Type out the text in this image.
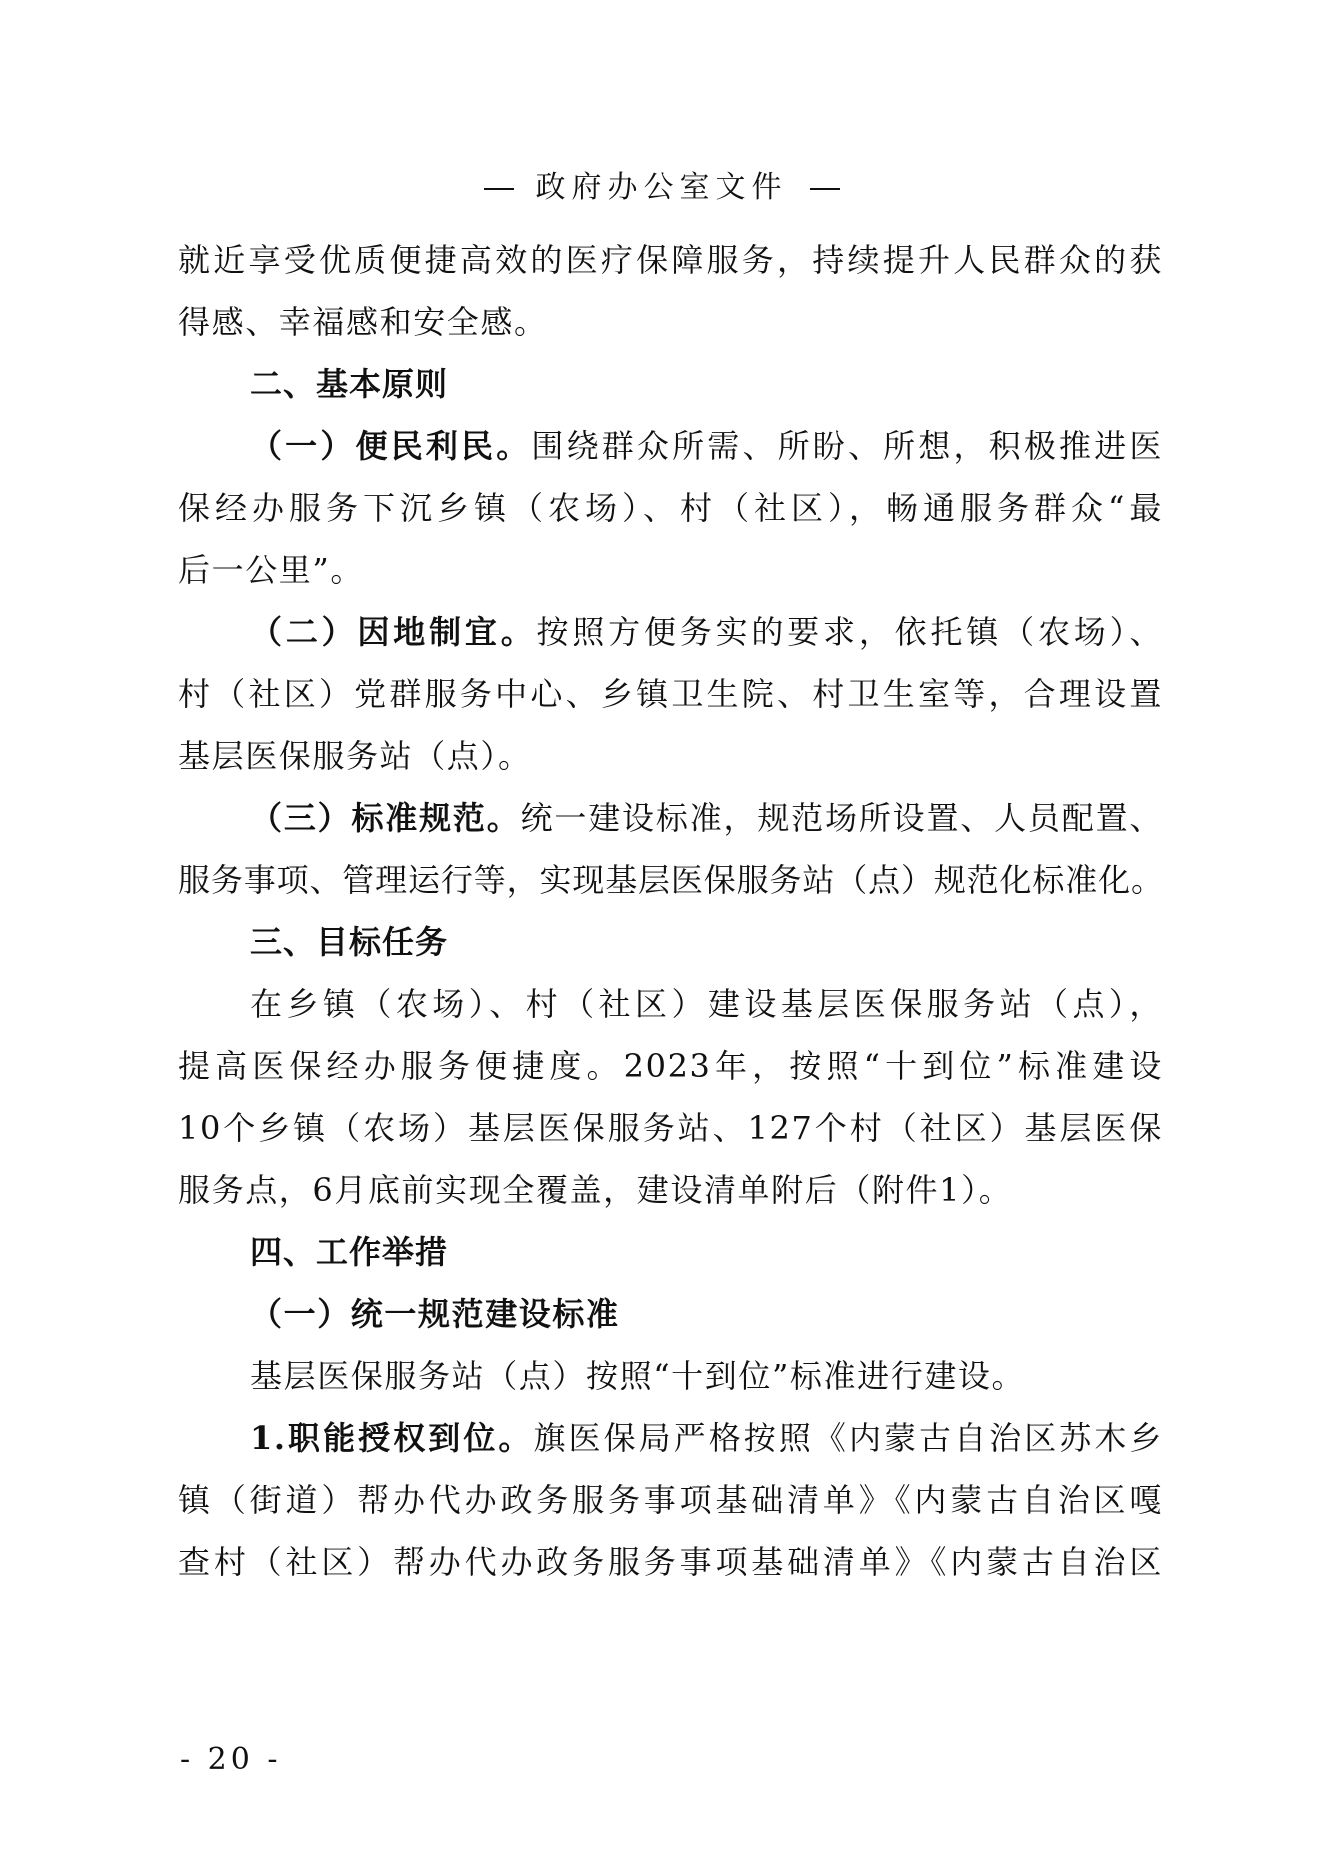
政府办公室文件
就近享受优质便捷高效的医疗保障服务，持续提升人民群众的获
得感、幸福感和安全感。
二、基本原则
（一）便民利民。围绕群众所需、所盼、所想，积极推进医
保经办服务下沉乡镇（农场）、村（社区），畅通服务群众“最
后一公里”。
（二）因地制宜。按照方便务实的要求，依托镇（农场）、
村（社区）党群服务中心、乡镇卫生院、村卫生室等，合理设置
基层医保服务站（点）。
（三）标准规范。统一建设标准，规范场所设置、人员配置、
服务事项、管理运行等，实现基层医保服务站（点）规范化标准化。
三、目标任务
在乡镇（农场）、村（社区）建设基层医保服务站（点），
提高医保经办服务便捷度。2023年，按照“十到位”标准建设
10个乡镇（农场）基层医保服务站、127个村（社区）基层医保
服务点，6月底前实现全覆盖，建设清单附后（附件1）。
四、工作举措
（一）统一规范建设标准
基层医保服务站（点）按照“十到位”标准进行建设。
1.职能授权到位。旗医保局严格按照《内蒙古自治区苏木乡
镇（街道）帮办代办政务服务事项基础清单》《内蒙古自治区嘎
查村（社区）帮办代办政务服务事项基础清单》《内蒙古自治区
- 20 -
